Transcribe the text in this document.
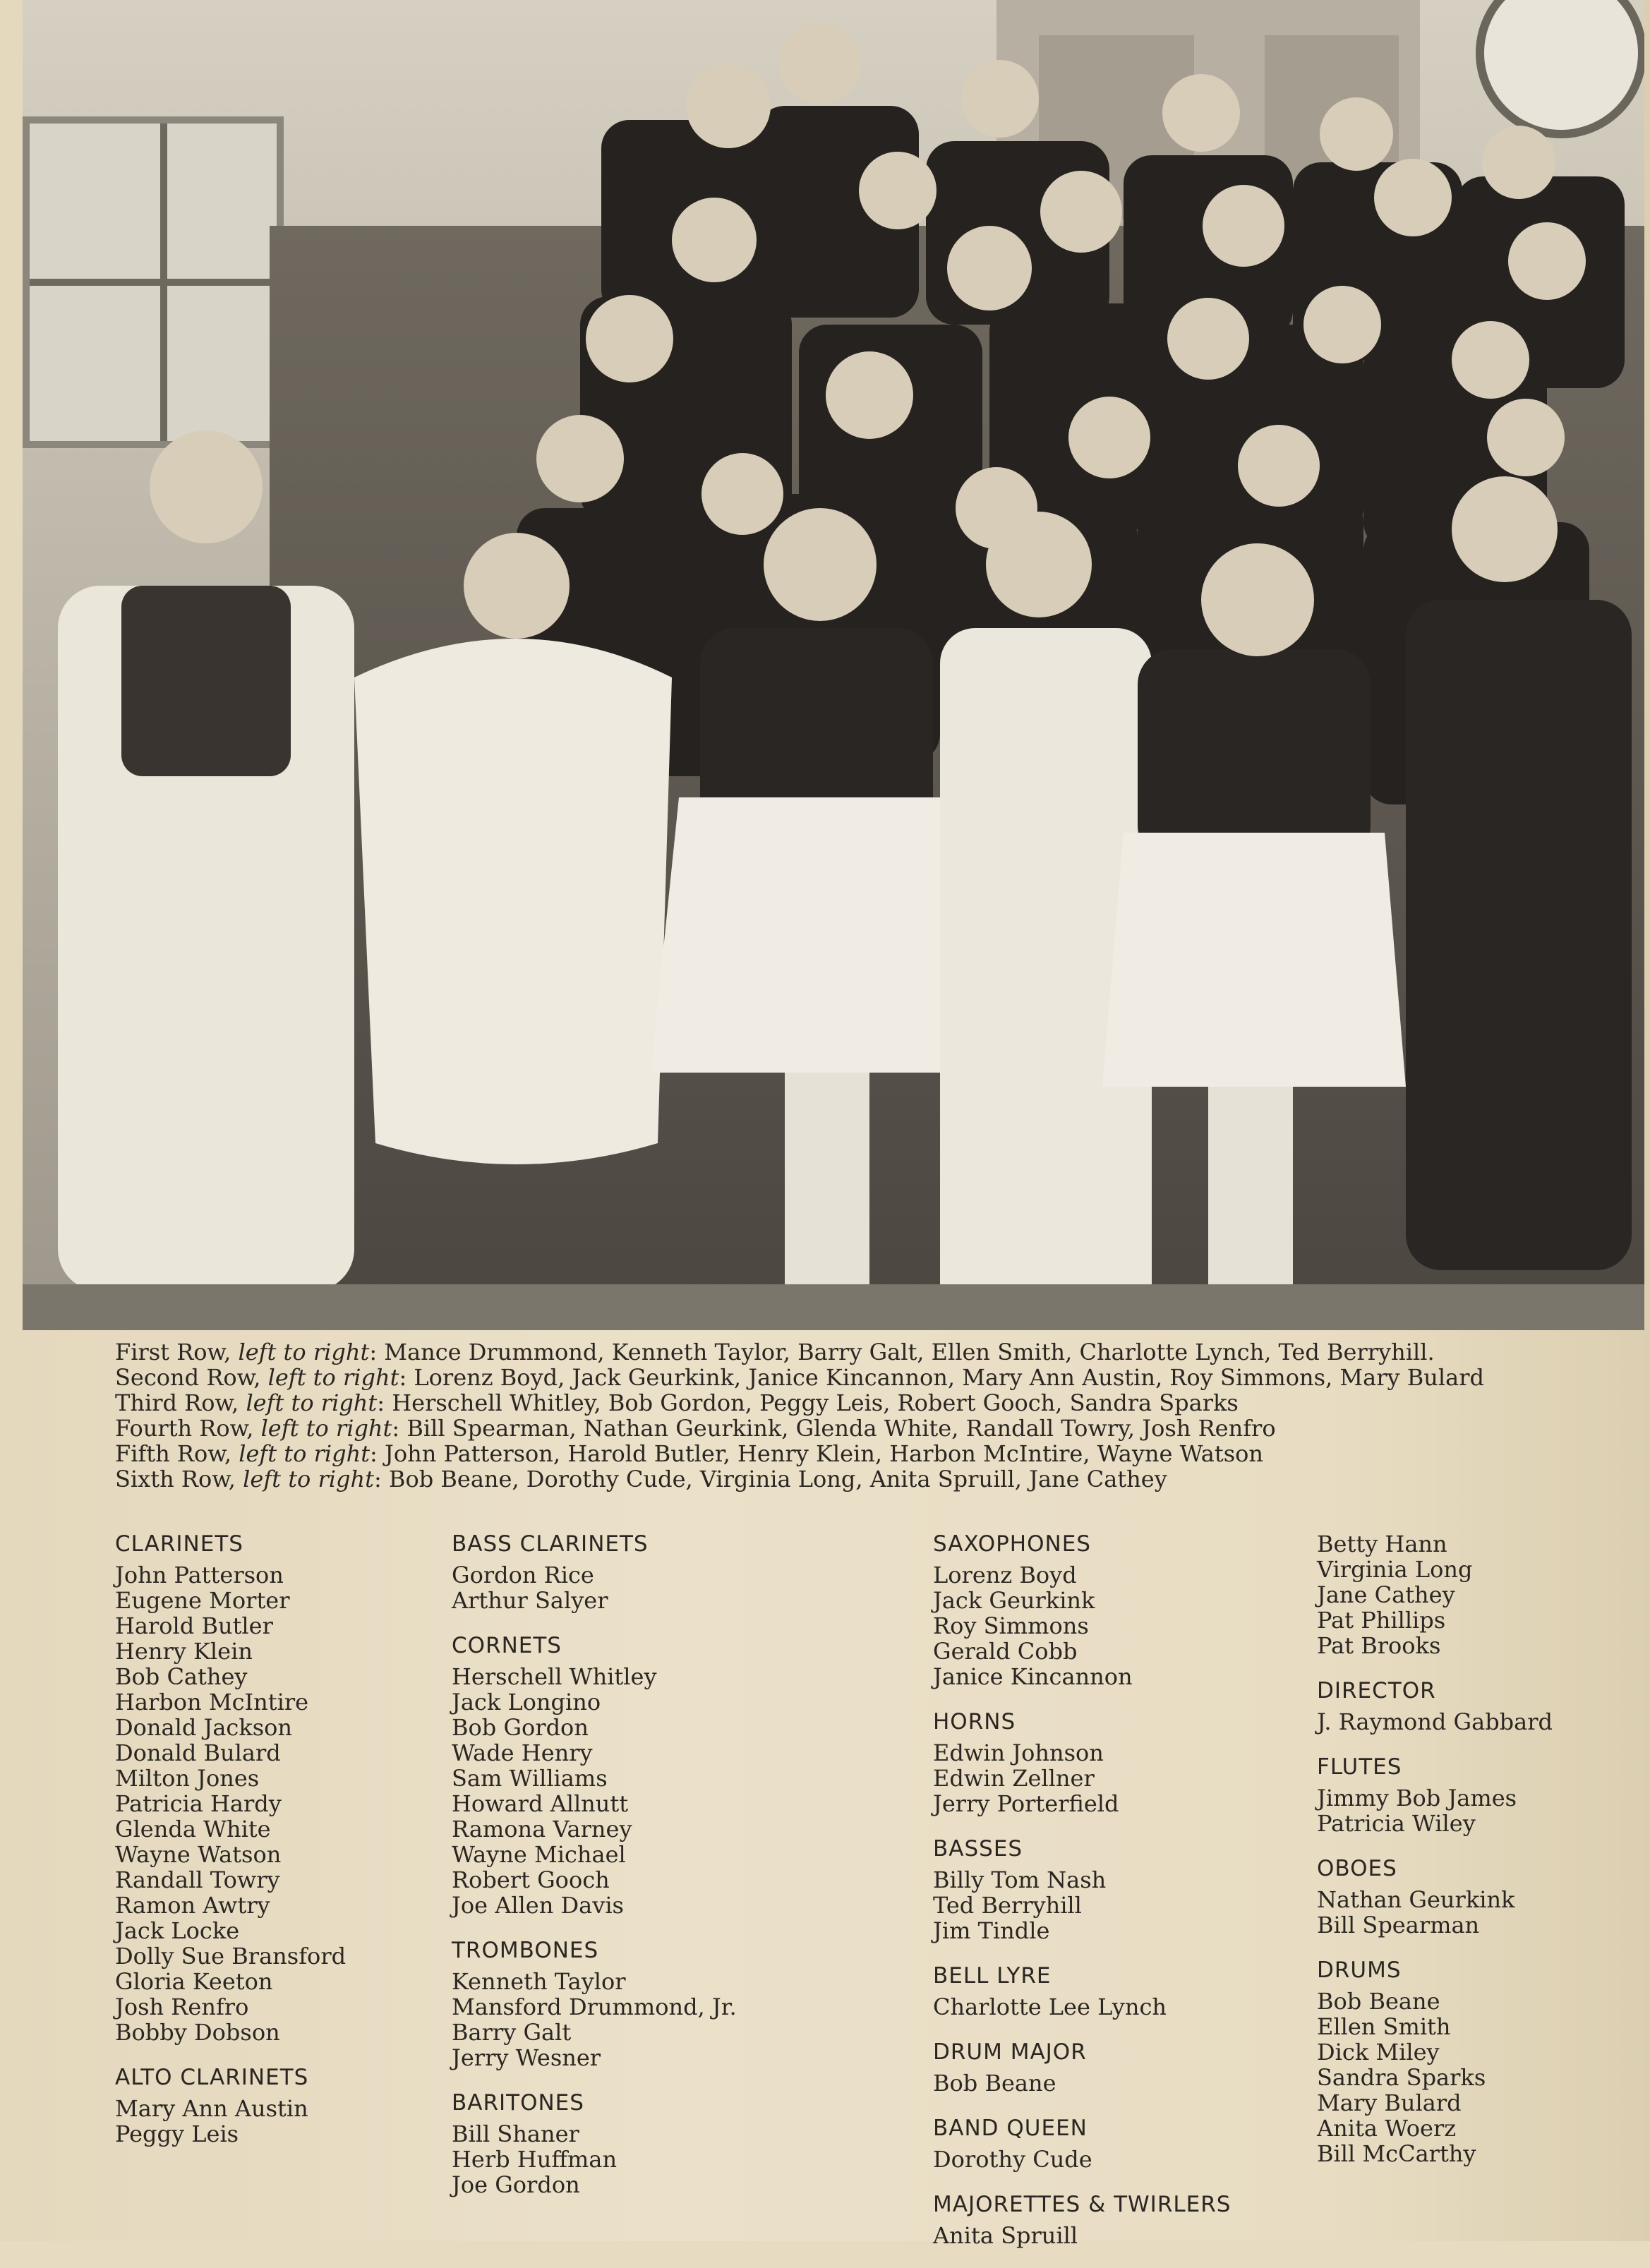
First Row, left to right: Mance Drummond, Kenneth Taylor, Barry Galt, Ellen Smith, Charlotte Lynch, Ted Berryhill.
Second Row, left to right: Lorenz Boyd, Jack Geurkink, Janice Kincannon, Mary Ann Austin, Roy Simmons, Mary Bulard
Third Row, left to right: Herschell Whitley, Bob Gordon, Peggy Leis, Robert Gooch, Sandra Sparks
Fourth Row, left to right: Bill Spearman, Nathan Geurkink, Glenda White, Randall Towry, Josh Renfro
Fifth Row, left to right: John Patterson, Harold Butler, Henry Klein, Harbon McIntire, Wayne Watson
Sixth Row, left to right: Bob Beane, Dorothy Cude, Virginia Long, Anita Spruill, Jane Cathey
CLARINETS
John Patterson
Eugene Morter
Harold Butler
Henry Klein
Bob Cathey
Harbon McIntire
Donald Jackson
Donald Bulard
Milton Jones
Patricia Hardy
Glenda White
Wayne Watson
Randall Towry
Ramon Awtry
Jack Locke
Dolly Sue Bransford
Gloria Keeton
Josh Renfro
Bobby Dobson
ALTO CLARINETS
Mary Ann Austin
Peggy Leis
BASS CLARINETS
Gordon Rice
Arthur Salyer
CORNETS
Herschell Whitley
Jack Longino
Bob Gordon
Wade Henry
Sam Williams
Howard Allnutt
Ramona Varney
Wayne Michael
Robert Gooch
Joe Allen Davis
TROMBONES
Kenneth Taylor
Mansford Drummond, Jr.
Barry Galt
Jerry Wesner
BARITONES
Bill Shaner
Herb Huffman
Joe Gordon
SAXOPHONES
Lorenz Boyd
Jack Geurkink
Roy Simmons
Gerald Cobb
Janice Kincannon
HORNS
Edwin Johnson
Edwin Zellner
Jerry Porterfield
BASSES
Billy Tom Nash
Ted Berryhill
Jim Tindle
BELL LYRE
Charlotte Lee Lynch
DRUM MAJOR
Bob Beane
BAND QUEEN
Dorothy Cude
MAJORETTES & TWIRLERS
Anita Spruill
Betty Hann
Virginia Long
Jane Cathey
Pat Phillips
Pat Brooks
DIRECTOR
J. Raymond Gabbard
FLUTES
Jimmy Bob James
Patricia Wiley
OBOES
Nathan Geurkink
Bill Spearman
DRUMS
Bob Beane
Ellen Smith
Dick Miley
Sandra Sparks
Mary Bulard
Anita Woerz
Bill McCarthy
